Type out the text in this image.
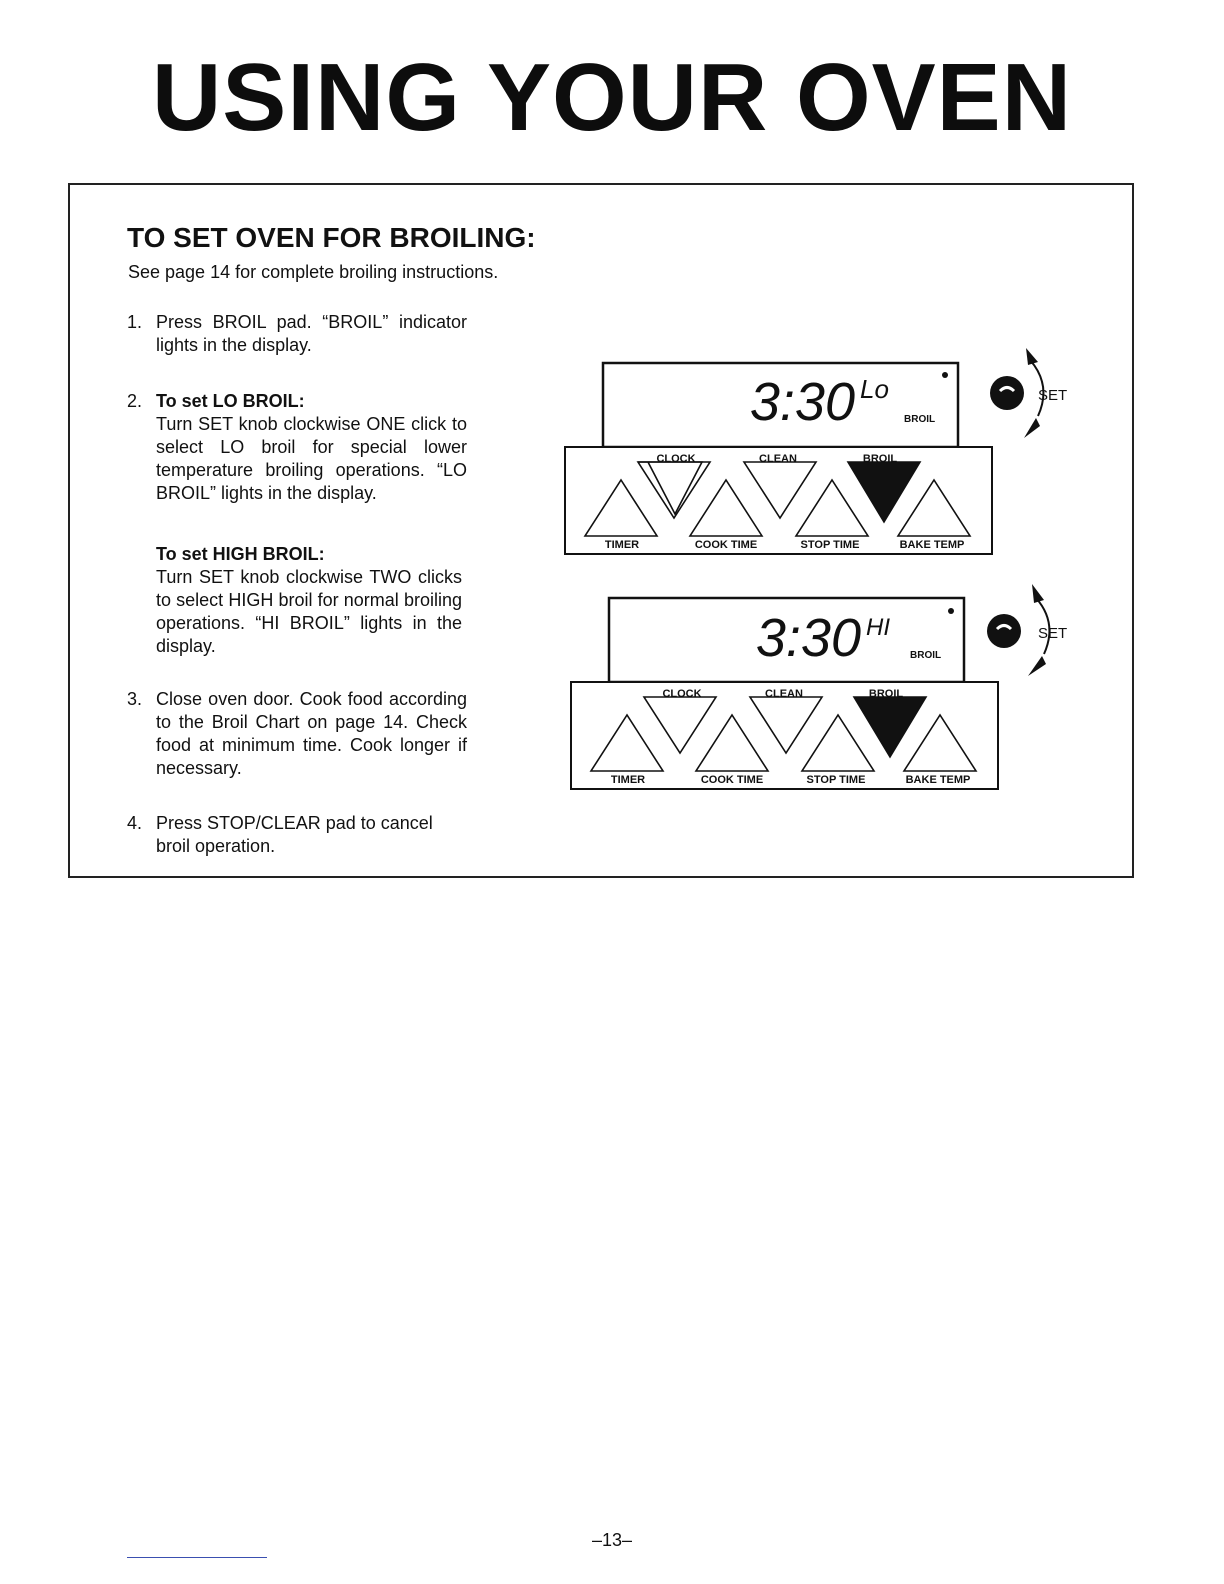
USING YOUR OVEN
TO SET OVEN FOR BROILING:
See page 14 for complete broiling instructions.
1. Press BROIL pad. “BROIL” indicator lights in the display.
2. To set LO BROIL:
Turn SET knob clockwise ONE click to select LO broil for special lower temperature broiling operations. “LO BROIL” lights in the display.
To set HIGH BROIL:
Turn SET knob clockwise TWO clicks to select HIGH broil for normal broiling operations. “HI BROIL” lights in the display.
3. Close oven door. Cook food according to the Broil Chart on page 14. Check food at minimum time. Cook longer if necessary.
4. Press STOP/CLEAR pad to cancel broil operation.
3:30 Lo
BROIL
SET
CLOCK	CLEAN	BROIL
TIMER	COOK TIME	STOP TIME	BAKE TEMP
3:30 HI
BROIL
SET
CLOCK	CLEAN	BROIL
TIMER	COOK TIME	STOP TIME	BAKE TEMP
–13–
